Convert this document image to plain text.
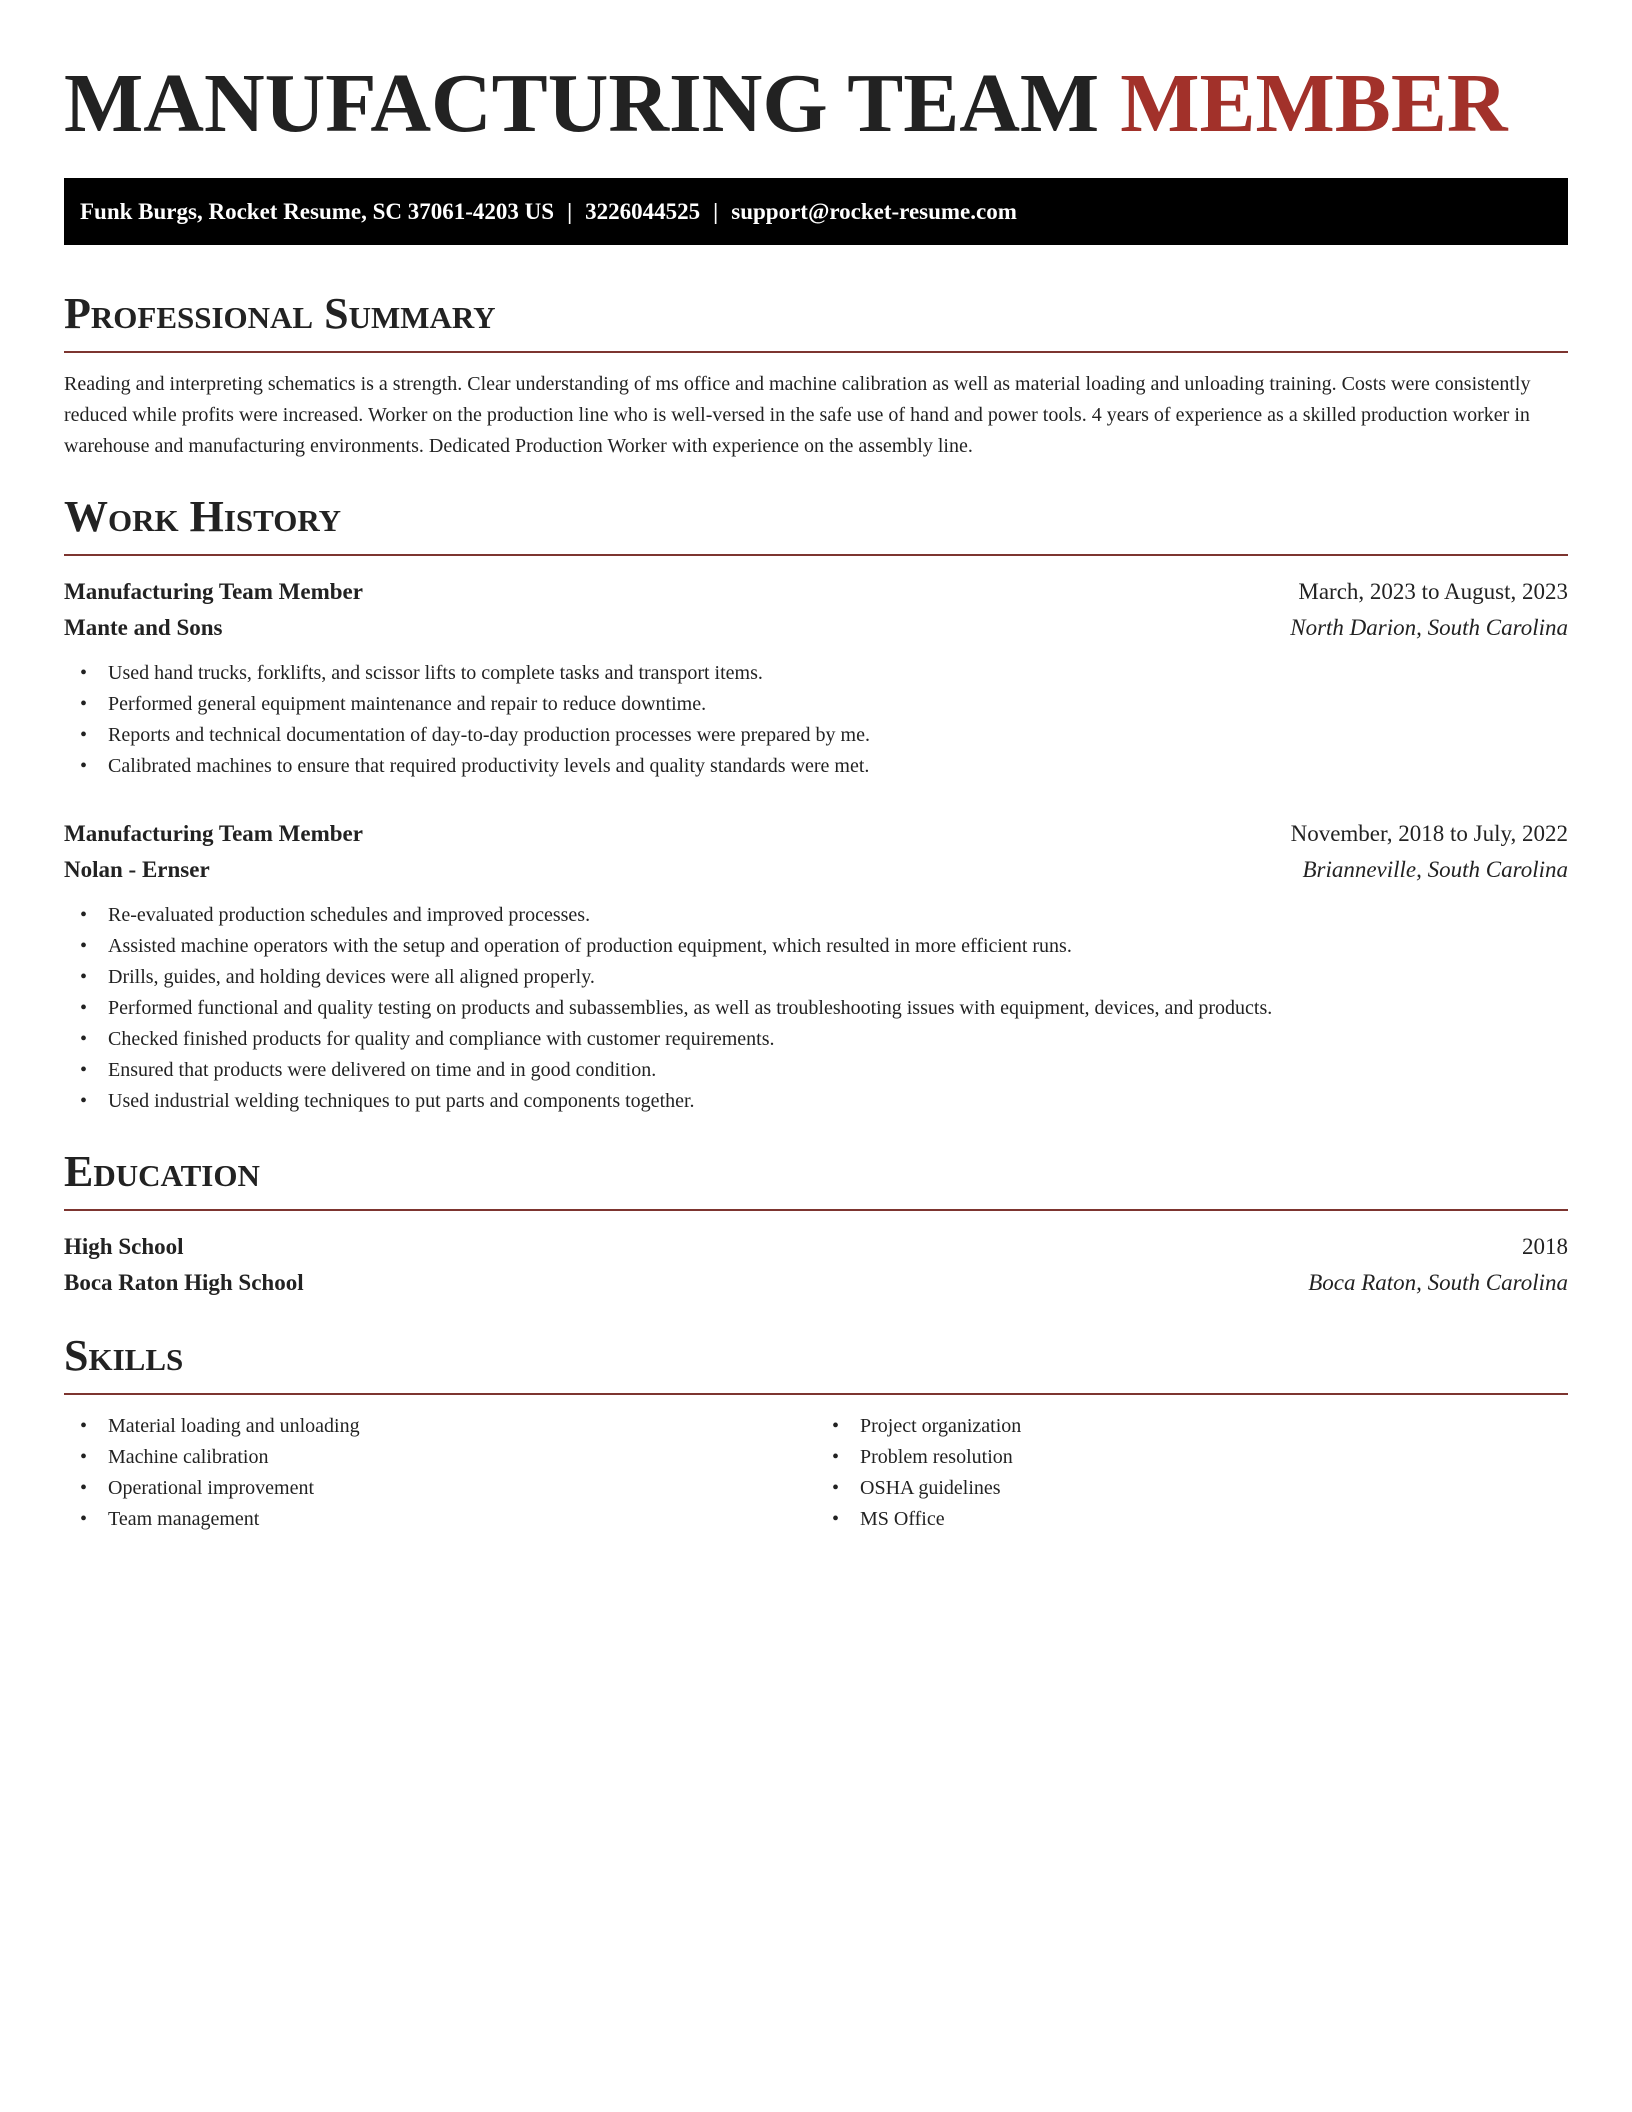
MANUFACTURING TEAM MEMBER
Funk Burgs, Rocket Resume, SC 37061-4203 US | 3226044525 | support@rocket-resume.com
Professional Summary

Reading and interpreting schematics is a strength. Clear understanding of ms office and machine calibration as well as material loading and unloading training. Costs were consistently reduced while profits were increased. Worker on the production line who is well-versed in the safe use of hand and power tools. 4 years of experience as a skilled production worker in warehouse and manufacturing environments. Dedicated Production Worker with experience on the assembly line.

Work History
Manufacturing Team Member	March, 2023 to August, 2023
Mante and Sons	North Darion, South Carolina
• Used hand trucks, forklifts, and scissor lifts to complete tasks and transport items.
• Performed general equipment maintenance and repair to reduce downtime.
• Reports and technical documentation of day-to-day production processes were prepared by me.
• Calibrated machines to ensure that required productivity levels and quality standards were met.
Manufacturing Team Member	November, 2018 to July, 2022
Nolan - Ernser	Brianneville, South Carolina
• Re-evaluated production schedules and improved processes.
• Assisted machine operators with the setup and operation of production equipment, which resulted in more efficient runs.
• Drills, guides, and holding devices were all aligned properly.
• Performed functional and quality testing on products and subassemblies, as well as troubleshooting issues with equipment, devices, and products.
• Checked finished products for quality and compliance with customer requirements.
• Ensured that products were delivered on time and in good condition.
• Used industrial welding techniques to put parts and components together.
Education
High School	2018
Boca Raton High School	Boca Raton, South Carolina
Skills
• Material loading and unloading
• Machine calibration
• Operational improvement
• Team management
• Project organization
• Problem resolution
• OSHA guidelines
• MS Office
